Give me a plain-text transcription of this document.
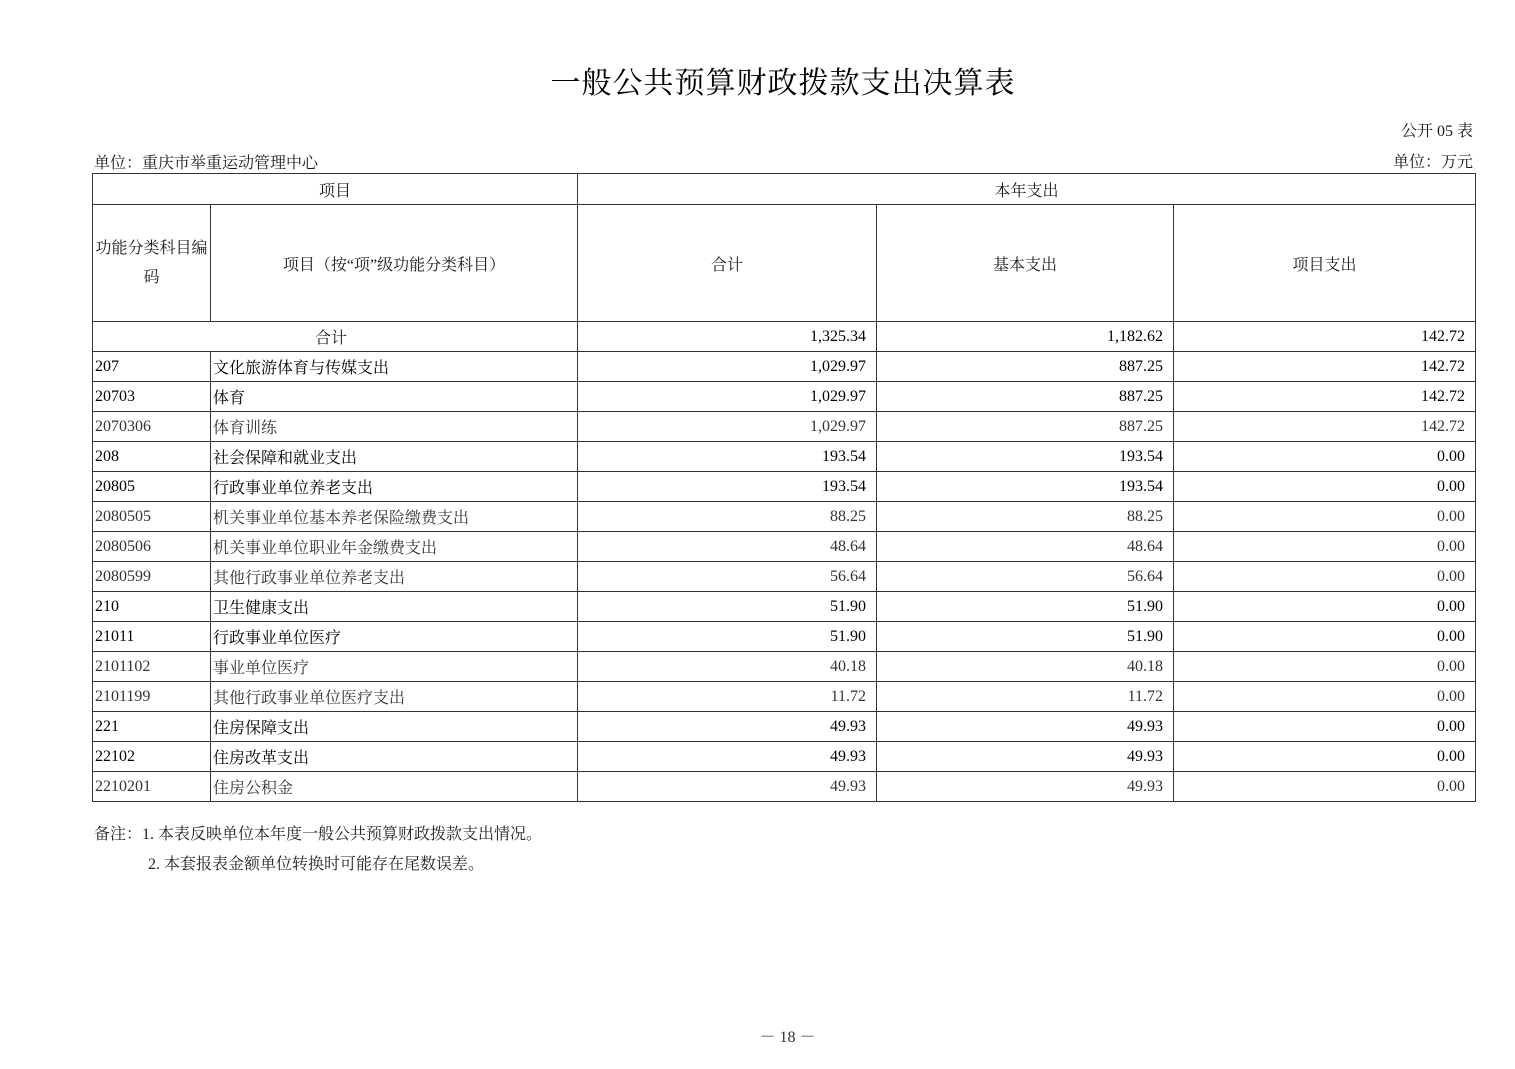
一般公共预算财政拨款支出决算表
公开 05 表
单位：重庆市举重运动管理中心	单位：万元
项目		本年支出		
功能分类科目编码	项目（按“项”级功能分类科目）	合计	基本支出	项目支出
合计		1,325.34	1,182.62	142.72
207	文化旅游体育与传媒支出	1,029.97	887.25	142.72
20703	体育	1,029.97	887.25	142.72
2070306	体育训练	1,029.97	887.25	142.72
208	社会保障和就业支出	193.54	193.54	0.00
20805	行政事业单位养老支出	193.54	193.54	0.00
2080505	机关事业单位基本养老保险缴费支出	88.25	88.25	0.00
2080506	机关事业单位职业年金缴费支出	48.64	48.64	0.00
2080599	其他行政事业单位养老支出	56.64	56.64	0.00
210	卫生健康支出	51.90	51.90	0.00
21011	行政事业单位医疗	51.90	51.90	0.00
2101102	事业单位医疗	40.18	40.18	0.00
2101199	其他行政事业单位医疗支出	11.72	11.72	0.00
221	住房保障支出	49.93	49.93	0.00
22102	住房改革支出	49.93	49.93	0.00
2210201	住房公积金	49.93	49.93	0.00
备注：1. 本表反映单位本年度一般公共预算财政拨款支出情况。
2. 本套报表金额单位转换时可能存在尾数误差。
－ 18 －
